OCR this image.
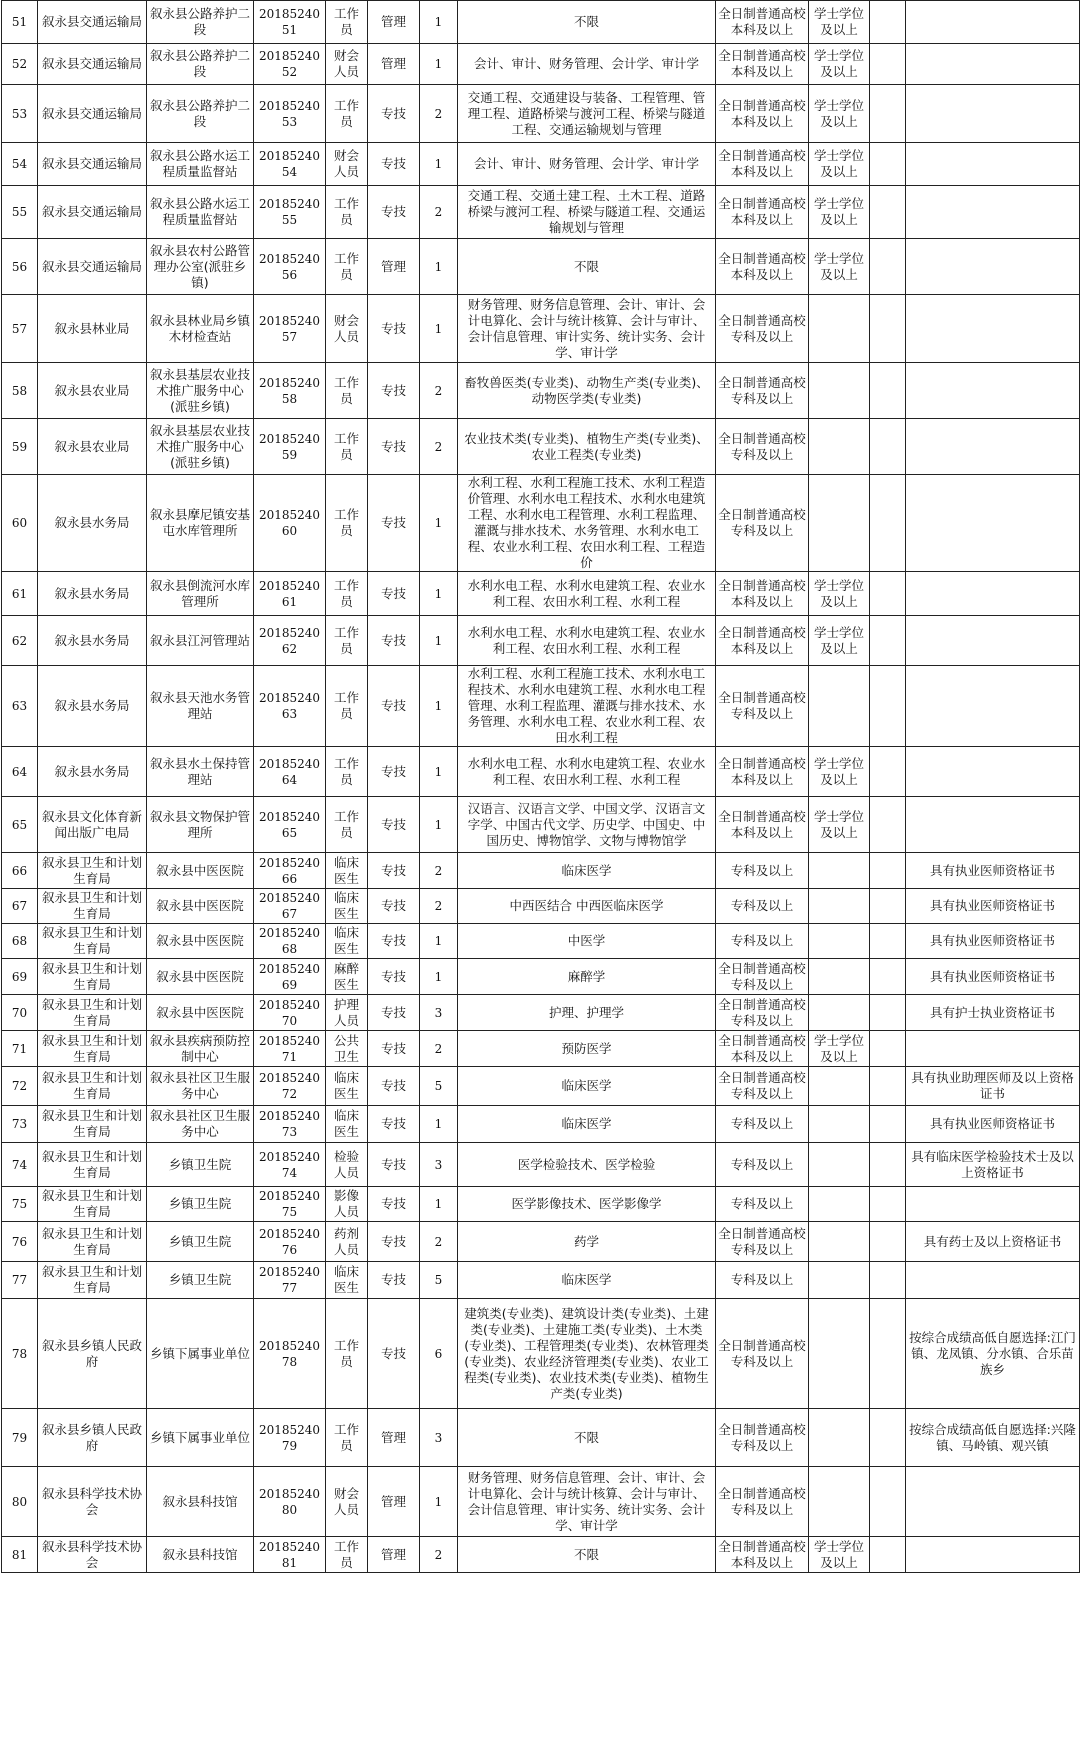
51	叙永县交通运输局	叙永县公路养护二段	2018524051	工作员	管理	1	不限	全日制普通高校本科及以上	学士学位及以上		
52	叙永县交通运输局	叙永县公路养护二段	2018524052	财会人员	管理	1	会计、审计、财务管理、会计学、审计学	全日制普通高校本科及以上	学士学位及以上		
53	叙永县交通运输局	叙永县公路养护二段	2018524053	工作员	专技	2	交通工程、交通建设与装备、工程管理、管理工程、道路桥梁与渡河工程、桥梁与隧道工程、交通运输规划与管理	全日制普通高校本科及以上	学士学位及以上		
54	叙永县交通运输局	叙永县公路水运工程质量监督站	2018524054	财会人员	专技	1	会计、审计、财务管理、会计学、审计学	全日制普通高校本科及以上	学士学位及以上		
55	叙永县交通运输局	叙永县公路水运工程质量监督站	2018524055	工作员	专技	2	交通工程、交通土建工程、土木工程、道路桥梁与渡河工程、桥梁与隧道工程、交通运输规划与管理	全日制普通高校本科及以上	学士学位及以上		
56	叙永县交通运输局	叙永县农村公路管理办公室(派驻乡镇)	2018524056	工作员	管理	1	不限	全日制普通高校本科及以上	学士学位及以上		
57	叙永县林业局	叙永县林业局乡镇木材检查站	2018524057	财会人员	专技	1	财务管理、财务信息管理、会计、审计、会计电算化、会计与统计核算、会计与审计、会计信息管理、审计实务、统计实务、会计学、审计学	全日制普通高校专科及以上			
58	叙永县农业局	叙永县基层农业技术推广服务中心(派驻乡镇)	2018524058	工作员	专技	2	畜牧兽医类(专业类)、动物生产类(专业类)、动物医学类(专业类)	全日制普通高校专科及以上			
59	叙永县农业局	叙永县基层农业技术推广服务中心(派驻乡镇)	2018524059	工作员	专技	2	农业技术类(专业类)、植物生产类(专业类)、农业工程类(专业类)	全日制普通高校专科及以上			
60	叙永县水务局	叙永县摩尼镇安基屯水库管理所	2018524060	工作员	专技	1	水利工程、水利工程施工技术、水利工程造价管理、水利水电工程技术、水利水电建筑工程、水利水电工程管理、水利工程监理、灌溉与排水技术、水务管理、水利水电工程、农业水利工程、农田水利工程、工程造价	全日制普通高校专科及以上			
61	叙永县水务局	叙永县倒流河水库管理所	2018524061	工作员	专技	1	水利水电工程、水利水电建筑工程、农业水利工程、农田水利工程、水利工程	全日制普通高校本科及以上	学士学位及以上		
62	叙永县水务局	叙永县江河管理站	2018524062	工作员	专技	1	水利水电工程、水利水电建筑工程、农业水利工程、农田水利工程、水利工程	全日制普通高校本科及以上	学士学位及以上		
63	叙永县水务局	叙永县天池水务管理站	2018524063	工作员	专技	1	水利工程、水利工程施工技术、水利水电工程技术、水利水电建筑工程、水利水电工程管理、水利工程监理、灌溉与排水技术、水务管理、水利水电工程、农业水利工程、农田水利工程	全日制普通高校专科及以上			
64	叙永县水务局	叙永县水土保持管理站	2018524064	工作员	专技	1	水利水电工程、水利水电建筑工程、农业水利工程、农田水利工程、水利工程	全日制普通高校本科及以上	学士学位及以上		
65	叙永县文化体育新闻出版广电局	叙永县文物保护管理所	2018524065	工作员	专技	1	汉语言、汉语言文学、中国文学、汉语言文字学、中国古代文学、历史学、中国史、中国历史、博物馆学、文物与博物馆学	全日制普通高校本科及以上	学士学位及以上		
66	叙永县卫生和计划生育局	叙永县中医医院	2018524066	临床医生	专技	2	临床医学	专科及以上			具有执业医师资格证书
67	叙永县卫生和计划生育局	叙永县中医医院	2018524067	临床医生	专技	2	中西医结合 中西医临床医学	专科及以上			具有执业医师资格证书
68	叙永县卫生和计划生育局	叙永县中医医院	2018524068	临床医生	专技	1	中医学	专科及以上			具有执业医师资格证书
69	叙永县卫生和计划生育局	叙永县中医医院	2018524069	麻醉医生	专技	1	麻醉学	全日制普通高校专科及以上			具有执业医师资格证书
70	叙永县卫生和计划生育局	叙永县中医医院	2018524070	护理人员	专技	3	护理、护理学	全日制普通高校专科及以上			具有护士执业资格证书
71	叙永县卫生和计划生育局	叙永县疾病预防控制中心	2018524071	公共卫生	专技	2	预防医学	全日制普通高校本科及以上	学士学位及以上		
72	叙永县卫生和计划生育局	叙永县社区卫生服务中心	2018524072	临床医生	专技	5	临床医学	全日制普通高校专科及以上			具有执业助理医师及以上资格证书
73	叙永县卫生和计划生育局	叙永县社区卫生服务中心	2018524073	临床医生	专技	1	临床医学	专科及以上			具有执业医师资格证书
74	叙永县卫生和计划生育局	乡镇卫生院	2018524074	检验人员	专技	3	医学检验技术、医学检验	专科及以上			具有临床医学检验技术士及以上资格证书
75	叙永县卫生和计划生育局	乡镇卫生院	2018524075	影像人员	专技	1	医学影像技术、医学影像学	专科及以上			
76	叙永县卫生和计划生育局	乡镇卫生院	2018524076	药剂人员	专技	2	药学	全日制普通高校专科及以上			具有药士及以上资格证书
77	叙永县卫生和计划生育局	乡镇卫生院	2018524077	临床医生	专技	5	临床医学	专科及以上			
78	叙永县乡镇人民政府	乡镇下属事业单位	2018524078	工作员	专技	6	建筑类(专业类)、建筑设计类(专业类)、土建类(专业类)、土建施工类(专业类)、土木类(专业类)、工程管理类(专业类)、农林管理类(专业类)、农业经济管理类(专业类)、农业工程类(专业类)、农业技术类(专业类)、植物生产类(专业类)	全日制普通高校专科及以上			按综合成绩高低自愿选择:江门镇、龙凤镇、分水镇、合乐苗族乡
79	叙永县乡镇人民政府	乡镇下属事业单位	2018524079	工作员	管理	3	不限	全日制普通高校专科及以上			按综合成绩高低自愿选择:兴隆镇、马岭镇、观兴镇
80	叙永县科学技术协会	叙永县科技馆	2018524080	财会人员	管理	1	财务管理、财务信息管理、会计、审计、会计电算化、会计与统计核算、会计与审计、会计信息管理、审计实务、统计实务、会计学、审计学	全日制普通高校专科及以上			
81	叙永县科学技术协会	叙永县科技馆	2018524081	工作员	管理	2	不限	全日制普通高校本科及以上	学士学位及以上		
